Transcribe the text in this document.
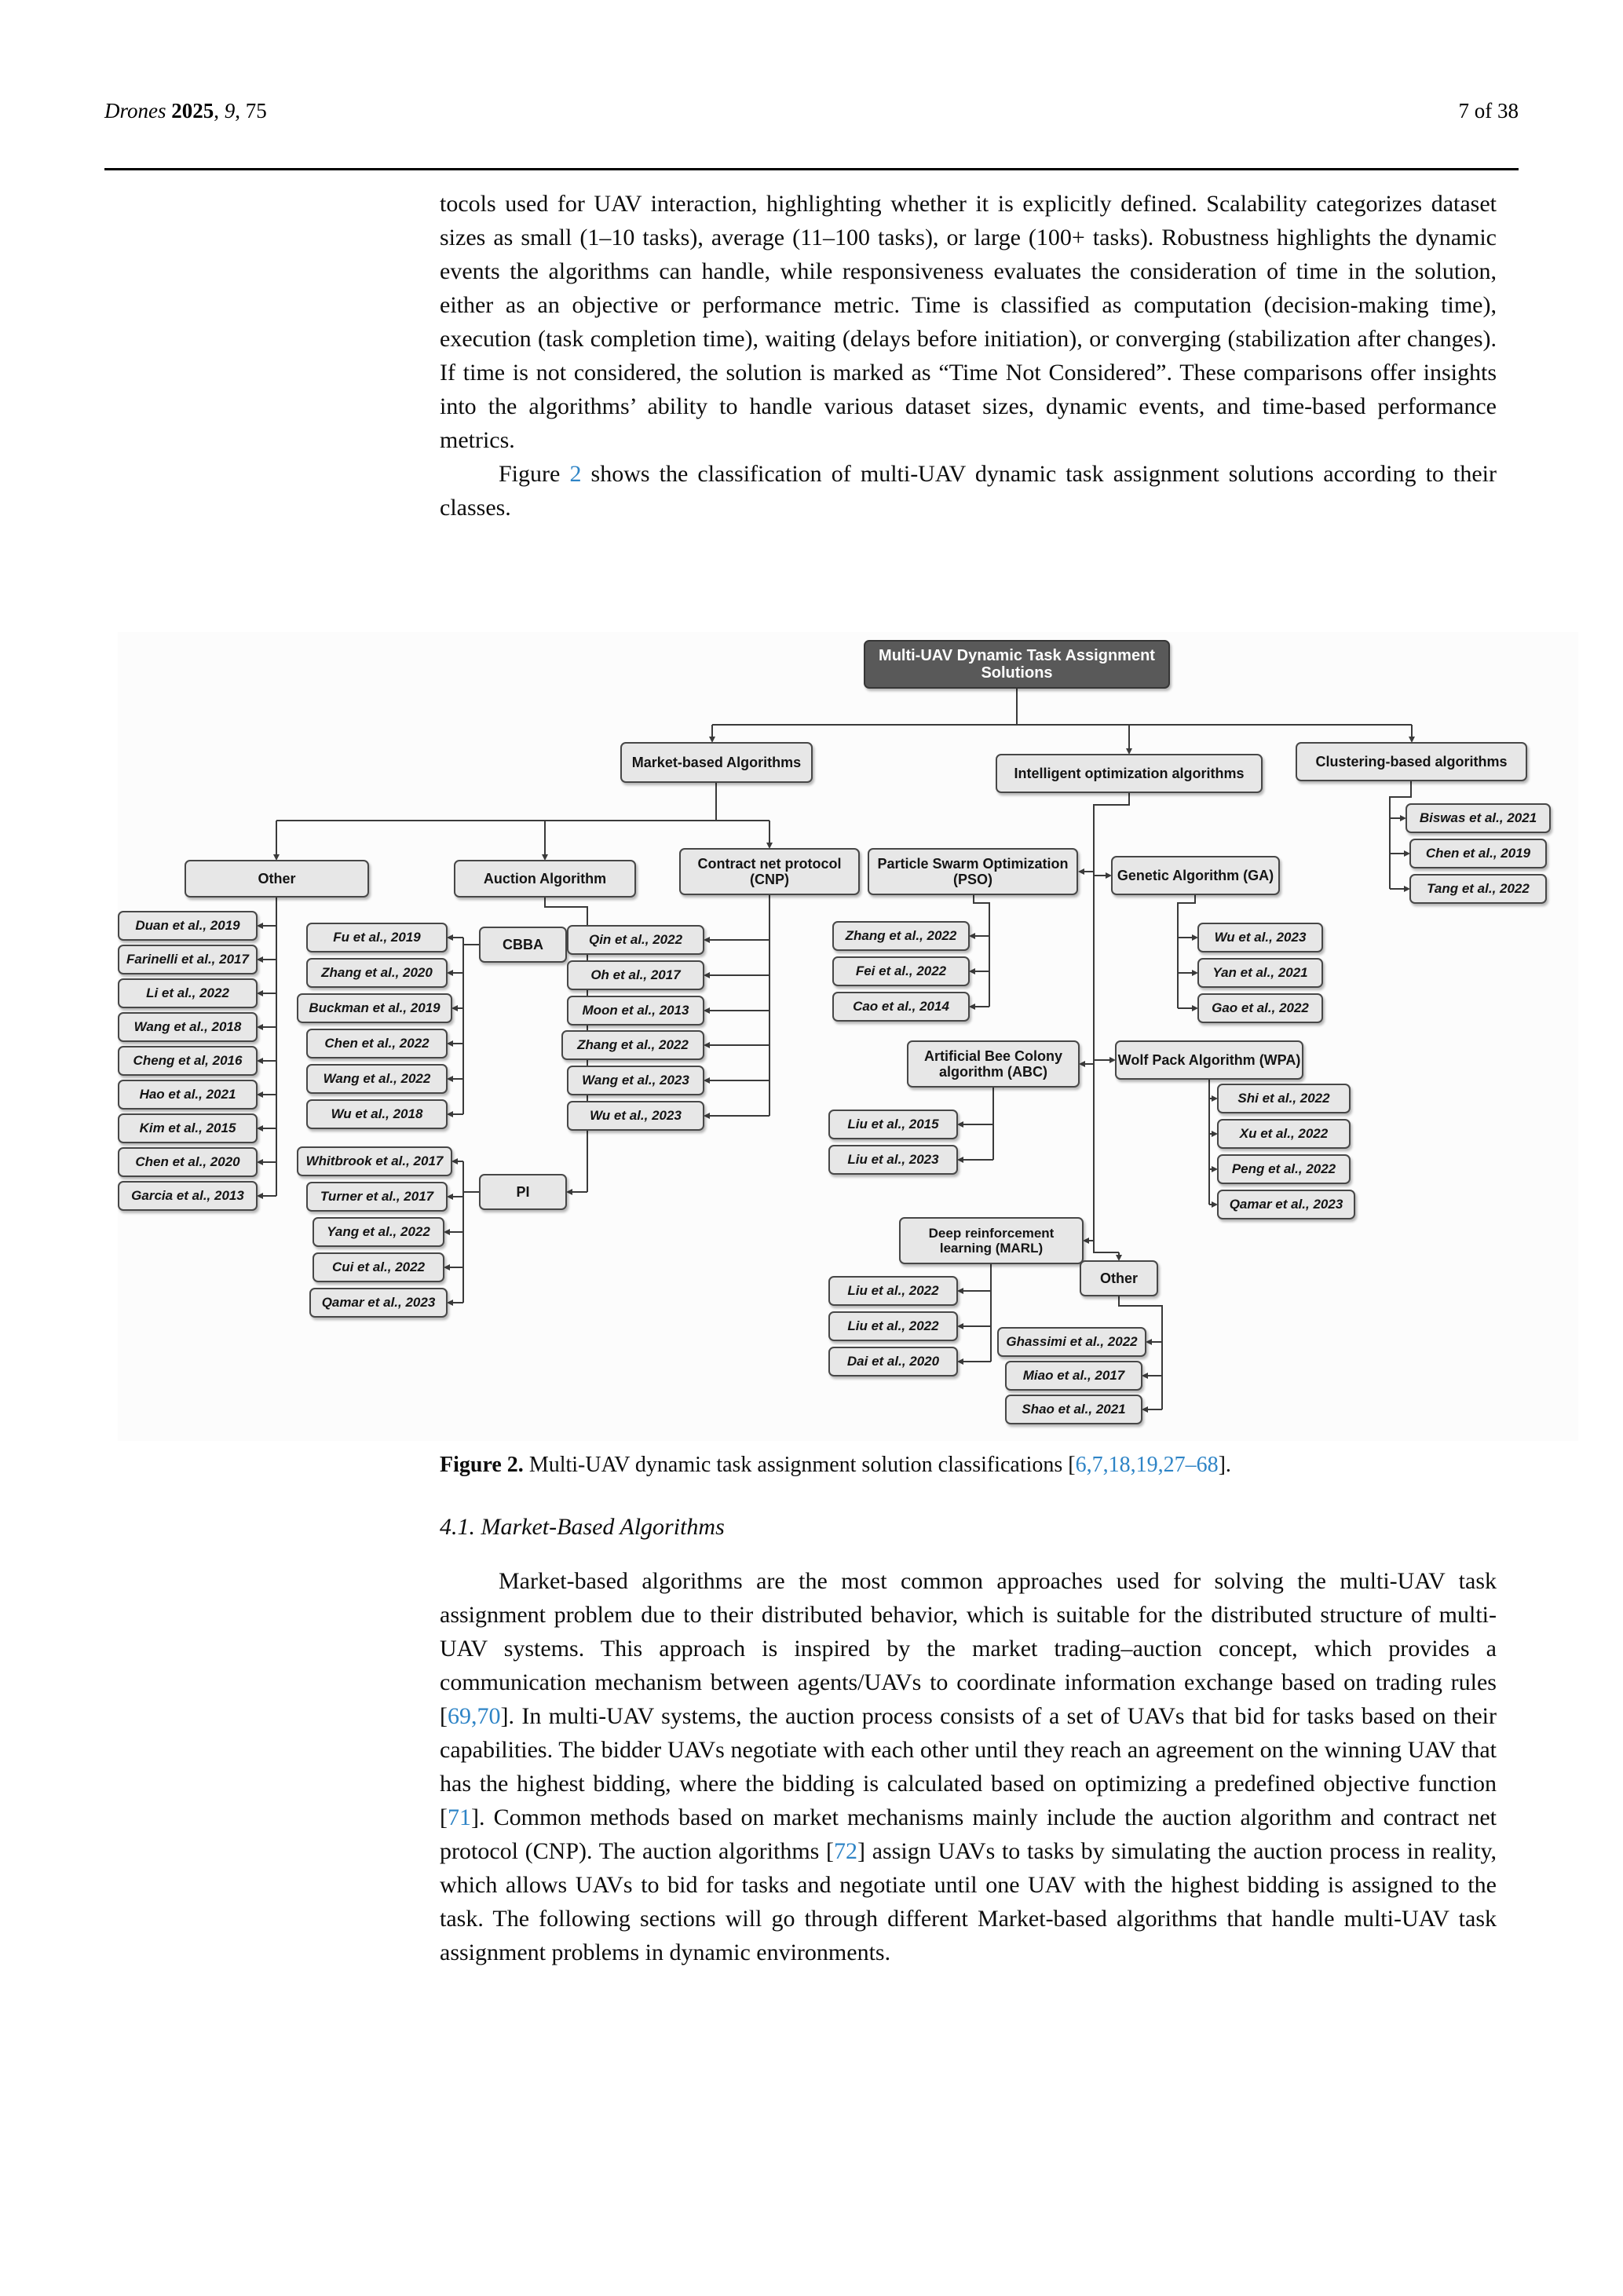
Drones 2025, 9, 75	7 of 38

tocols used for UAV interaction, highlighting whether it is explicitly defined. Scalability categorizes dataset sizes as small (1–10 tasks), average (11–100 tasks), or large (100+ tasks). Robustness highlights the dynamic events the algorithms can handle, while responsiveness evaluates the consideration of time in the solution, either as an objective or performance metric. Time is classified as computation (decision-making time), execution (task completion time), waiting (delays before initiation), or converging (stabilization after changes). If time is not considered, the solution is marked as “Time Not Considered”. These comparisons offer insights into the algorithms’ ability to handle various dataset sizes, dynamic events, and time-based performance metrics.

Figure 2 shows the classification of multi-UAV dynamic task assignment solutions according to their classes.

Multi-UAV Dynamic Task Assignment Solutions
Market-based Algorithms
Intelligent optimization algorithms
Clustering-based algorithms
Biswas et al., 2021
Chen et al., 2019
Tang et al., 2022
Other
Duan et al., 2019
Farinelli et al., 2017
Li et al., 2022
Wang et al., 2018
Cheng et al, 2016
Hao et al., 2021
Kim et al., 2015
Chen et al., 2020
Garcia et al., 2013
Auction Algorithm
CBBA
Fu et al., 2019
Zhang et al., 2020
Buckman et al., 2019
Chen et al., 2022
Wang et al., 2022
Wu et al., 2018
Whitbrook et al., 2017
PI
Turner et al., 2017
Yang et al., 2022
Cui et al., 2022
Qamar et al., 2023
Contract net protocol (CNP)
Qin et al., 2022
Oh et al., 2017
Moon et al., 2013
Zhang et al., 2022
Wang et al., 2023
Wu et al., 2023
Particle Swarm Optimization (PSO)
Zhang et al., 2022
Fei et al., 2022
Cao et al., 2014
Genetic Algorithm (GA)
Wu et al., 2023
Yan et al., 2021
Gao et al., 2022
Artificial Bee Colony algorithm (ABC)
Liu et al., 2015
Liu et al., 2023
Wolf Pack Algorithm (WPA)
Shi et al., 2022
Xu et al., 2022
Peng et al., 2022
Qamar et al., 2023
Deep reinforcement learning (MARL)
Liu et al., 2022
Liu et al., 2022
Dai et al., 2020
Other
Ghassimi et al., 2022
Miao et al., 2017
Shao et al., 2021
Figure 2. Multi-UAV dynamic task assignment solution classifications [6,7,18,19,27–68].
4.1. Market-Based Algorithms

Market-based algorithms are the most common approaches used for solving the multi-UAV task assignment problem due to their distributed behavior, which is suitable for the distributed structure of multi-UAV systems. This approach is inspired by the market trading–auction concept, which provides a communication mechanism between agents/UAVs to coordinate information exchange based on trading rules [69,70]. In multi-UAV systems, the auction process consists of a set of UAVs that bid for tasks based on their capabilities. The bidder UAVs negotiate with each other until they reach an agreement on the winning UAV that has the highest bidding, where the bidding is calculated based on optimizing a predefined objective function [71]. Common methods based on market mechanisms mainly include the auction algorithm and contract net protocol (CNP). The auction algorithms [72] assign UAVs to tasks by simulating the auction process in reality, which allows UAVs to bid for tasks and negotiate until one UAV with the highest bidding is assigned to the task. The following sections will go through different Market-based algorithms that handle multi-UAV task assignment problems in dynamic environments.
